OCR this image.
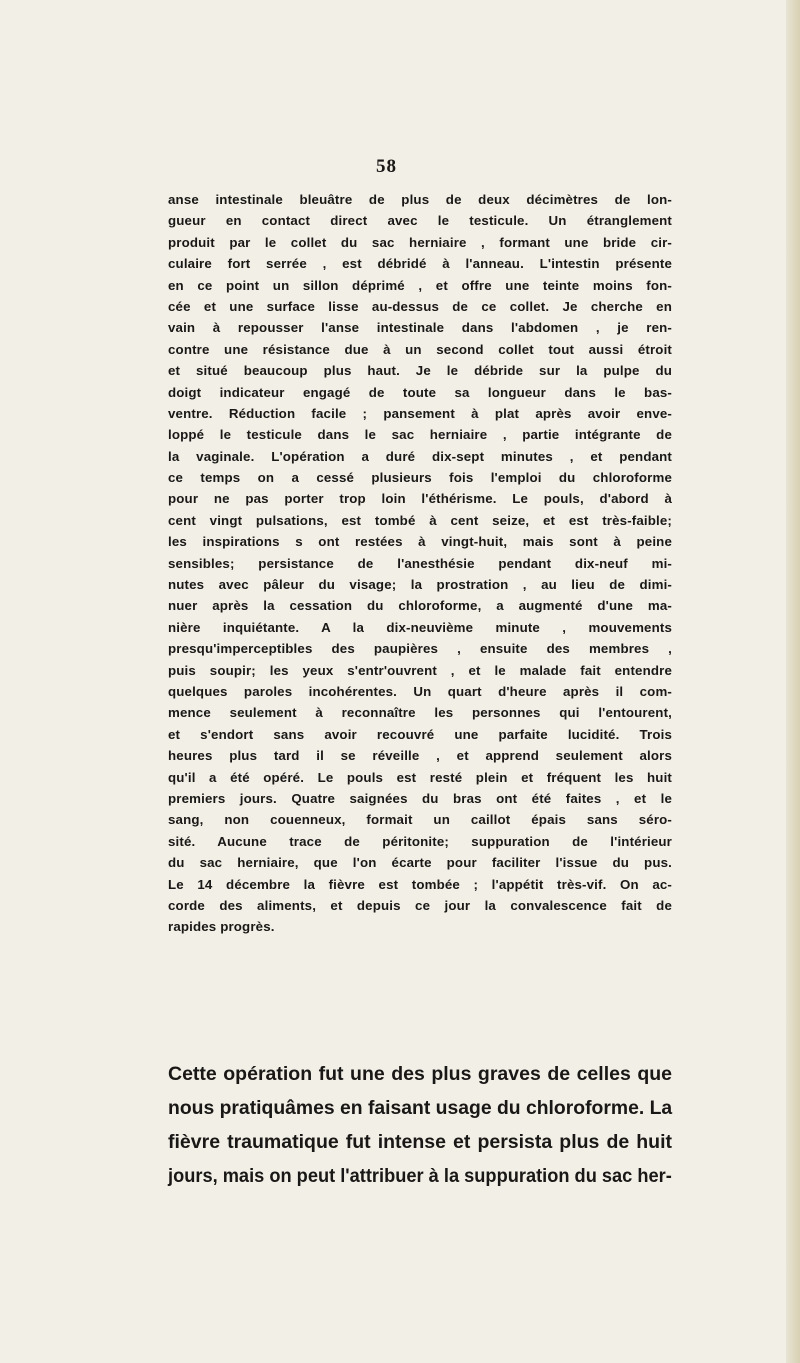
58
anse intestinale bleuâtre de plus de deux décimètres de lon-
gueur en contact direct avec le testicule. Un étranglement
produit par le collet du sac herniaire , formant une bride cir-
culaire fort serrée , est débridé à l'anneau. L'intestin présente
en ce point un sillon déprimé , et offre une teinte moins fon-
cée et une surface lisse au-dessus de ce collet. Je cherche en
vain à repousser l'anse intestinale dans l'abdomen , je ren-
contre une résistance due à un second collet tout aussi étroit
et situé beaucoup plus haut. Je le débride sur la pulpe du
doigt indicateur engagé de toute sa longueur dans le bas-
ventre. Réduction facile ; pansement à plat après avoir enve-
loppé le testicule dans le sac herniaire , partie intégrante de
la vaginale. L'opération a duré dix-sept minutes , et pendant
ce temps on a cessé plusieurs fois l'emploi du chloroforme
pour ne pas porter trop loin l'éthérisme. Le pouls, d'abord à
cent vingt pulsations, est tombé à cent seize, et est très-faible;
les inspirations s ont restées à vingt-huit, mais sont à peine
sensibles; persistance de l'anesthésie pendant dix-neuf mi-
nutes avec pâleur du visage; la prostration , au lieu de dimi-
nuer après la cessation du chloroforme, a augmenté d'une ma-
nière inquiétante. A la dix-neuvième minute , mouvements
presqu'imperceptibles des paupières , ensuite des membres ,
puis soupir; les yeux s'entr'ouvrent , et le malade fait entendre
quelques paroles incohérentes. Un quart d'heure après il com-
mence seulement à reconnaître les personnes qui l'entourent,
et s'endort sans avoir recouvré une parfaite lucidité. Trois
heures plus tard il se réveille , et apprend seulement alors
qu'il a été opéré. Le pouls est resté plein et fréquent les huit
premiers jours. Quatre saignées du bras ont été faites , et le
sang, non couenneux, formait un caillot épais sans séro-
sité. Aucune trace de péritonite; suppuration de l'intérieur
du sac herniaire, que l'on écarte pour faciliter l'issue du pus.
Le 14 décembre la fièvre est tombée ; l'appétit très-vif. On ac-
corde des aliments, et depuis ce jour la convalescence fait de
rapides progrès.
Cette opération fut une des plus graves de celles que
nous pratiquâmes en faisant usage du chloroforme. La
fièvre traumatique fut intense et persista plus de huit
jours, mais on peut l'attribuer à la suppuration du sac her-
